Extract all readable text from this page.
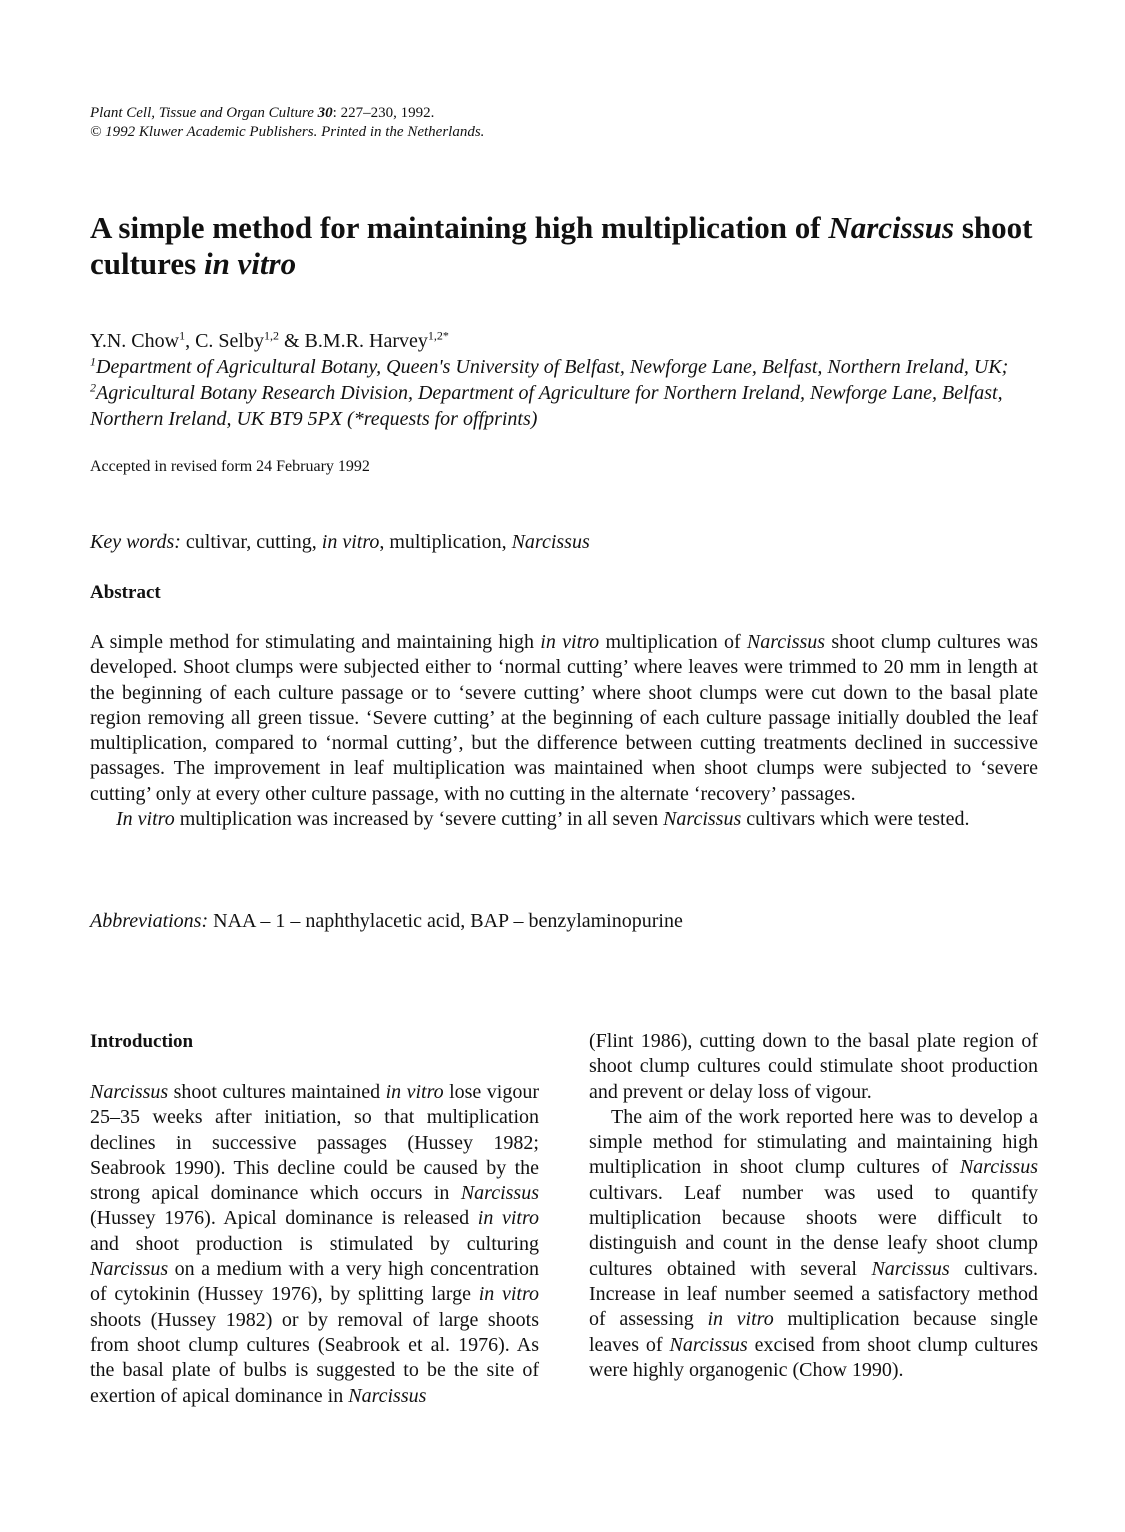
Plant Cell, Tissue and Organ Culture 30: 227–230, 1992.
© 1992 Kluwer Academic Publishers. Printed in the Netherlands.
A simple method for maintaining high multiplication of Narcissus shoot cultures in vitro
Y.N. Chow$^1$, C. Selby$^{1,2}$ & B.M.R. Harvey$^{1,2*}$
$^1$Department of Agricultural Botany, Queen's University of Belfast, Newforge Lane, Belfast, Northern Ireland, UK; $^2$Agricultural Botany Research Division, Department of Agriculture for Northern Ireland, Newforge Lane, Belfast, Northern Ireland, UK BT9 5PX (*requests for offprints)
Accepted in revised form 24 February 1992
Key words: cultivar, cutting, in vitro, multiplication, Narcissus
Abstract

A simple method for stimulating and maintaining high in vitro multiplication of Narcissus shoot clump cultures was developed. Shoot clumps were subjected either to ‘normal cutting’ where leaves were trimmed to 20 mm in length at the beginning of each culture passage or to ‘severe cutting’ where shoot clumps were cut down to the basal plate region removing all green tissue. ‘Severe cutting’ at the beginning of each culture passage initially doubled the leaf multiplication, compared to ‘normal cutting’, but the difference between cutting treatments declined in successive passages. The improvement in leaf multiplication was maintained when shoot clumps were subjected to ‘severe cutting’ only at every other culture passage, with no cutting in the alternate ‘recovery’ passages.

In vitro multiplication was increased by ‘severe cutting’ in all seven Narcissus cultivars which were tested.

Abbreviations: NAA – 1 – naphthylacetic acid, BAP – benzylaminopurine
Introduction

Narcissus shoot cultures maintained in vitro lose vigour 25–35 weeks after initiation, so that multiplication declines in successive passages (Hussey 1982; Seabrook 1990). This decline could be caused by the strong apical dominance which occurs in Narcissus (Hussey 1976). Apical dominance is released in vitro and shoot production is stimulated by culturing Narcissus on a medium with a very high concentration of cytokinin (Hussey 1976), by splitting large in vitro shoots (Hussey 1982) or by removal of large shoots from shoot clump cultures (Seabrook et al. 1976). As the basal plate of bulbs is suggested to be the site of exertion of apical dominance in Narcissus

(Flint 1986), cutting down to the basal plate region of shoot clump cultures could stimulate shoot production and prevent or delay loss of vigour.

The aim of the work reported here was to develop a simple method for stimulating and maintaining high multiplication in shoot clump cultures of Narcissus cultivars. Leaf number was used to quantify multiplication because shoots were difficult to distinguish and count in the dense leafy shoot clump cultures obtained with several Narcissus cultivars. Increase in leaf number seemed a satisfactory method of assessing in vitro multiplication because single leaves of Narcissus excised from shoot clump cultures were highly organogenic (Chow 1990).
